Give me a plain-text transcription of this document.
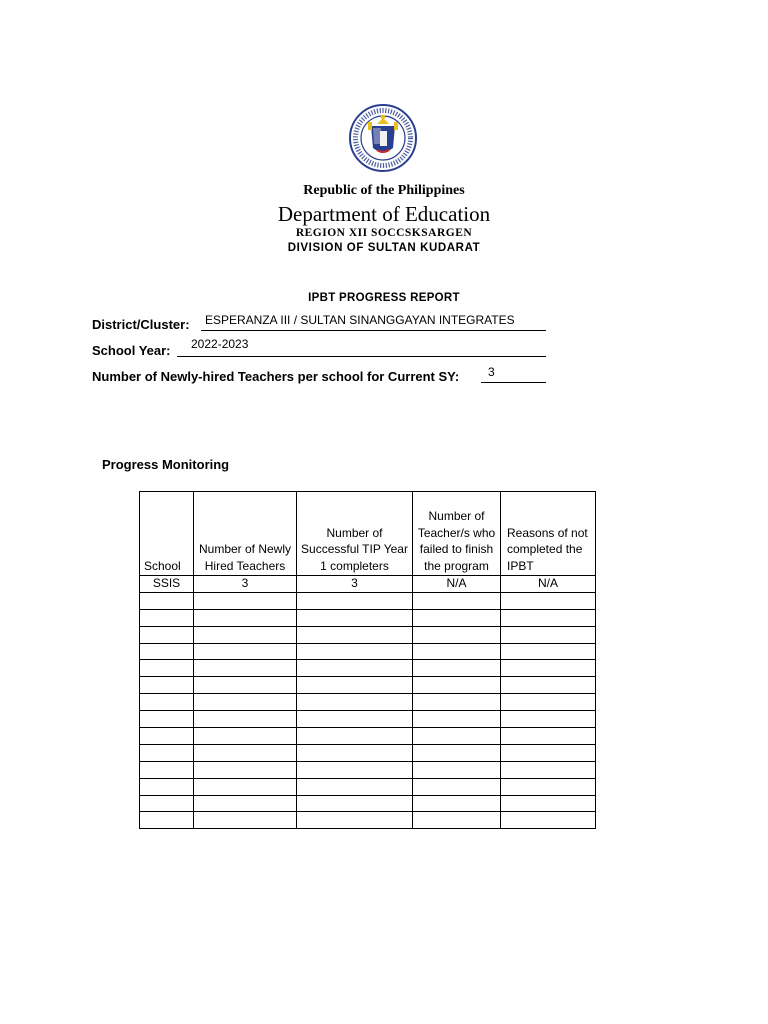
Republic of the Philippines
Department of Education
REGION XII SOCCSKSARGEN
DIVISION OF SULTAN KUDARAT
IPBT PROGRESS REPORT
District/Cluster: ESPERANZA III / SULTAN SINANGGAYAN INTEGRATES
School Year: 2022-2023
Number of Newly-hired Teachers per school for Current SY: 3
Progress Monitoring
School	Number of Newly Hired Teachers	Number of Successful TIP Year 1 completers	Number of Teacher/s who failed to finish the program	Reasons of not completed the IPBT
SSIS	3	3	N/A	N/A
